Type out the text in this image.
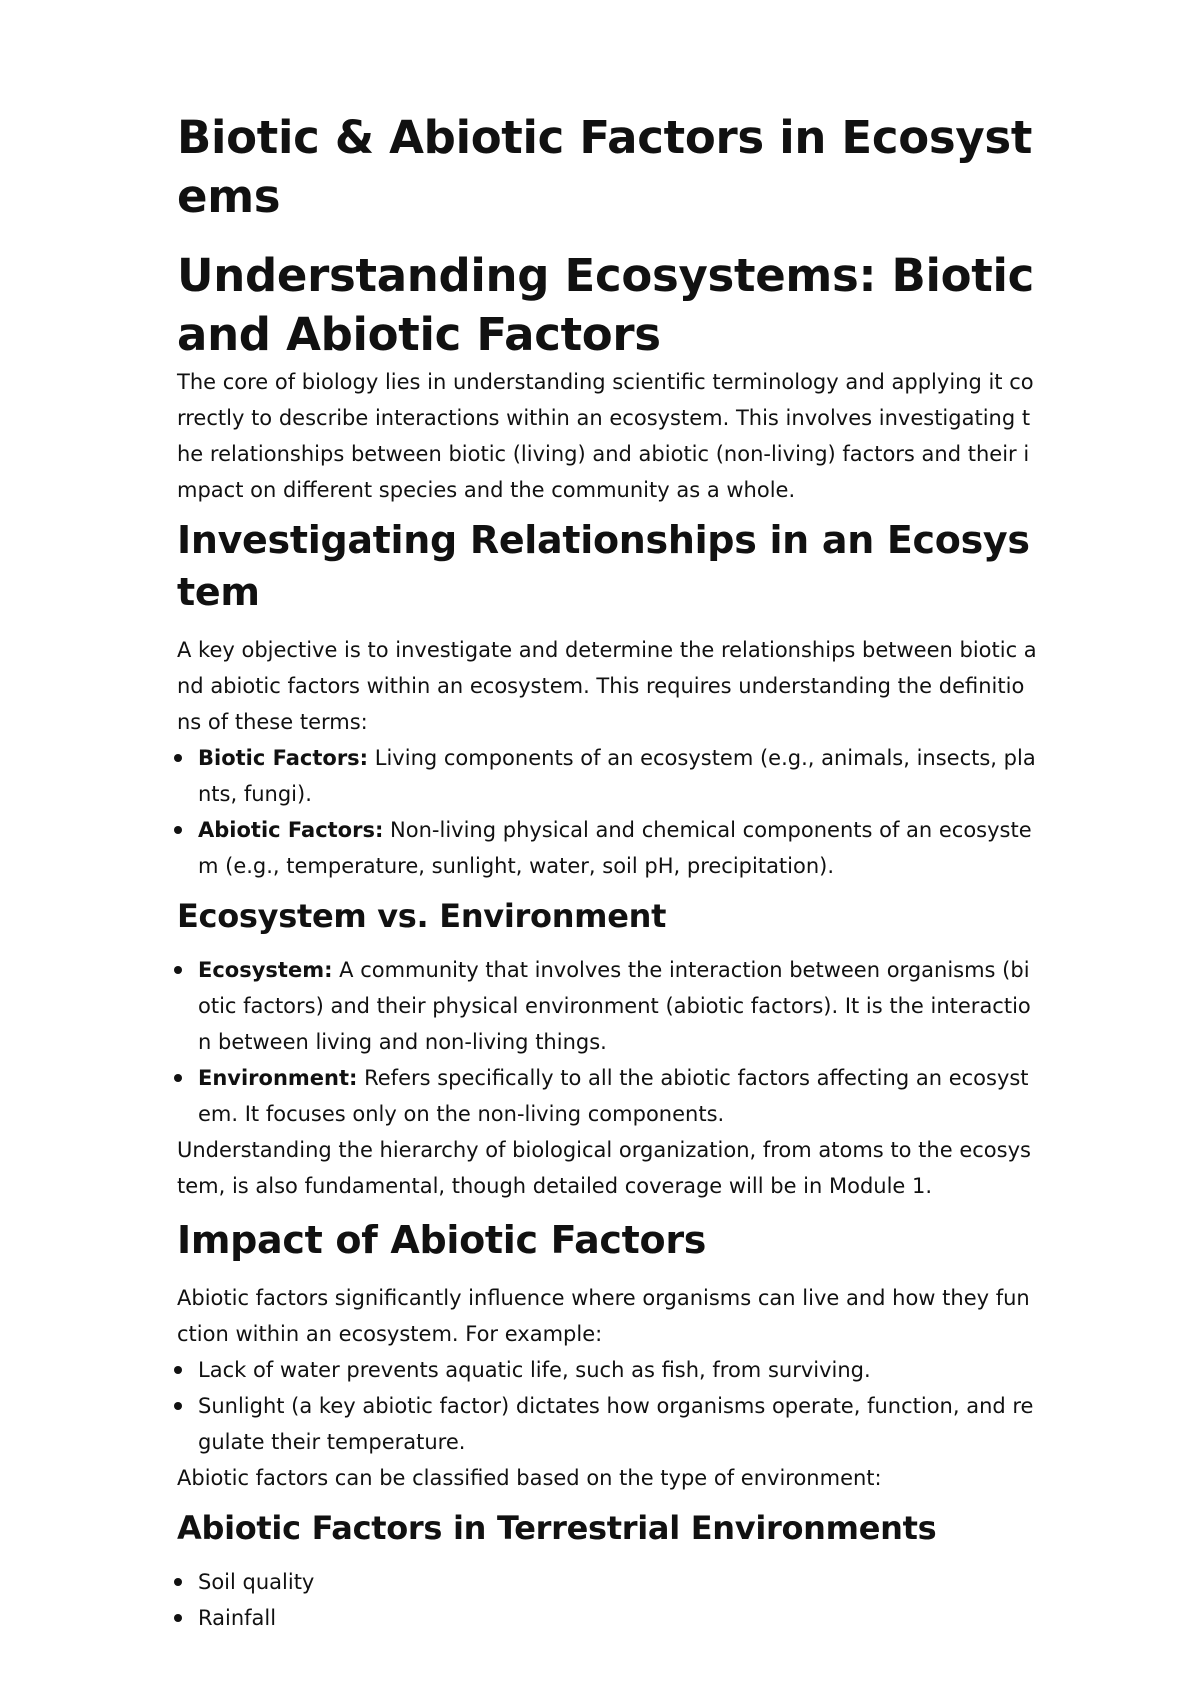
Biotic & Abiotic Factors in Ecosystems
Understanding Ecosystems: Biotic and Abiotic Factors

The core of biology lies in understanding scientific terminology and applying it correctly to describe interactions within an ecosystem. This involves investigating the relationships between biotic (living) and abiotic (non-living) factors and their impact on different species and the community as a whole.

Investigating Relationships in an Ecosystem

A key objective is to investigate and determine the relationships between biotic and abiotic factors within an ecosystem. This requires understanding the definitions of these terms:

Biotic Factors: Living components of an ecosystem (e.g., animals, insects, plants, fungi).
Abiotic Factors: Non-living physical and chemical components of an ecosystem (e.g., temperature, sunlight, water, soil pH, precipitation).
Ecosystem vs. Environment
Ecosystem: A community that involves the interaction between organisms (biotic factors) and their physical environment (abiotic factors). It is the interaction between living and non-living things.
Environment: Refers specifically to all the abiotic factors affecting an ecosystem. It focuses only on the non-living components.

Understanding the hierarchy of biological organization, from atoms to the ecosystem, is also fundamental, though detailed coverage will be in Module 1.

Impact of Abiotic Factors

Abiotic factors significantly influence where organisms can live and how they function within an ecosystem. For example:

Lack of water prevents aquatic life, such as fish, from surviving.
Sunlight (a key abiotic factor) dictates how organisms operate, function, and regulate their temperature.

Abiotic factors can be classified based on the type of environment:

Abiotic Factors in Terrestrial Environments
Soil quality
Rainfall
